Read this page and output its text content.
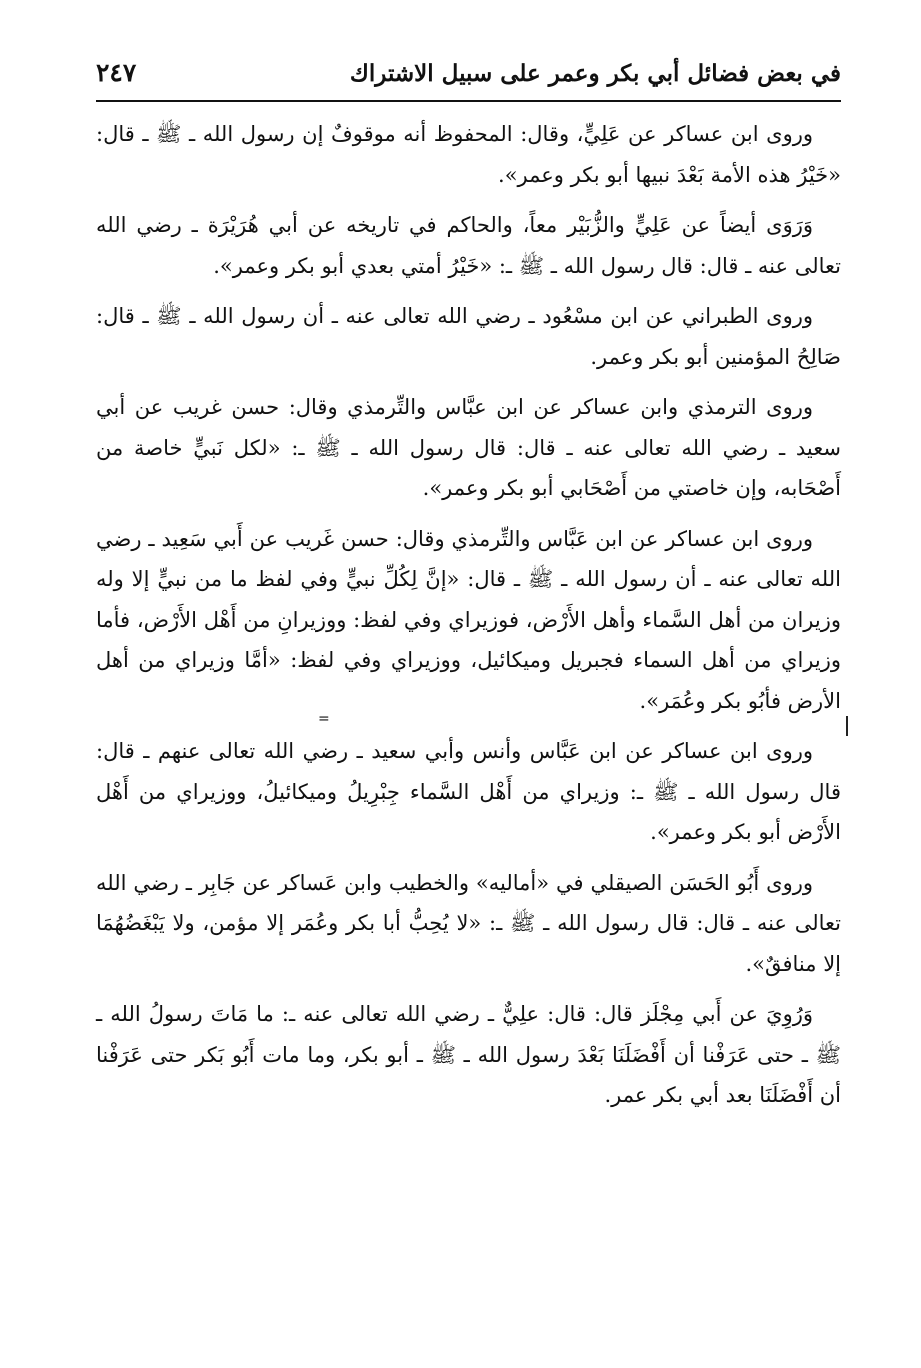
في بعض فضائل أبي بكر وعمر على سبيل الاشتراك
٢٤٧

وروى ابن عساكر عن عَلِيٍّ، وقال: المحفوظ أنه موقوفٌ إن رسول الله ـ ﷺ ـ قال: «خَيْرُ هذه الأمة بَعْدَ نبيها أبو بكر وعمر».

وَرَوَى أيضاً عن عَلِيٍّ والزُّبَيْر معاً، والحاكم في تاريخه عن أبي هُرَيْرَة ـ رضي الله تعالى عنه ـ قال: قال رسول الله ـ ﷺ ـ: «خَيْرُ أمتي بعدي أبو بكر وعمر».

وروى الطبراني عن ابن مسْعُود ـ رضي الله تعالى عنه ـ أن رسول الله ـ ﷺ ـ قال: صَالِحُ المؤمنين أبو بكر وعمر.

وروى الترمذي وابن عساكر عن ابن عبَّاس والتِّرمذي وقال: حسن غريب عن أبي سعيد ـ رضي الله تعالى عنه ـ قال: قال رسول الله ـ ﷺ ـ: «لكل نَبيٍّ خاصة من أَصْحَابه، وإن خاصتي من أَصْحَابي أبو بكر وعمر».

وروى ابن عساكر عن ابن عَبَّاس والتِّرمذي وقال: حسن غَريب عن أَبي سَعِيد ـ رضي الله تعالى عنه ـ أن رسول الله ـ ﷺ ـ قال: «إنَّ لِكُلِّ نبيٍّ وفي لفظ ما من نبيٍّ إلا وله وزيران من أهل السَّماء وأهل الأَرْض، فوزيراي وفي لفظ: ووزيرانِ من أَهْل الأَرْض، فأما وزيراي من أهل السماء فجبريل وميكائيل، ووزيراي وفي لفظ: «أمَّا وزيراي من أهل الأرض فأبُو بكر وعُمَر».

وروى ابن عساكر عن ابن عَبَّاس وأنس وأبي سعيد ـ رضي الله تعالى عنهم ـ قال: قال رسول الله ـ ﷺ ـ: وزيراي من أَهْل السَّماء جِبْرِيلُ وميكائيلُ، ووزيراي من أَهْل الأَرْض أبو بكر وعمر».

وروى أَبُو الحَسَن الصيقلي في «أماليه» والخطيب وابن عَساكر عن جَابِر ـ رضي الله تعالى عنه ـ قال: قال رسول الله ـ ﷺ ـ: «لا يُحِبُّ أبا بكر وعُمَر إلا مؤمن، ولا يَبْغَضُهُمَا إلا منافقٌ».

وَرُوِيَ عن أَبي مِجْلَز قال: قال: علِيٌّ ـ رضي الله تعالى عنه ـ: ما مَاتَ رسولُ الله ـ ﷺ ـ حتى عَرَفْنا أن أَفْضَلَنَا بَعْدَ رسول الله ـ ﷺ ـ أبو بكر، وما مات أَبُو بَكر حتى عَرَفْنا أن أَفْضَلَنَا بعد أبي بكر عمر.

=
